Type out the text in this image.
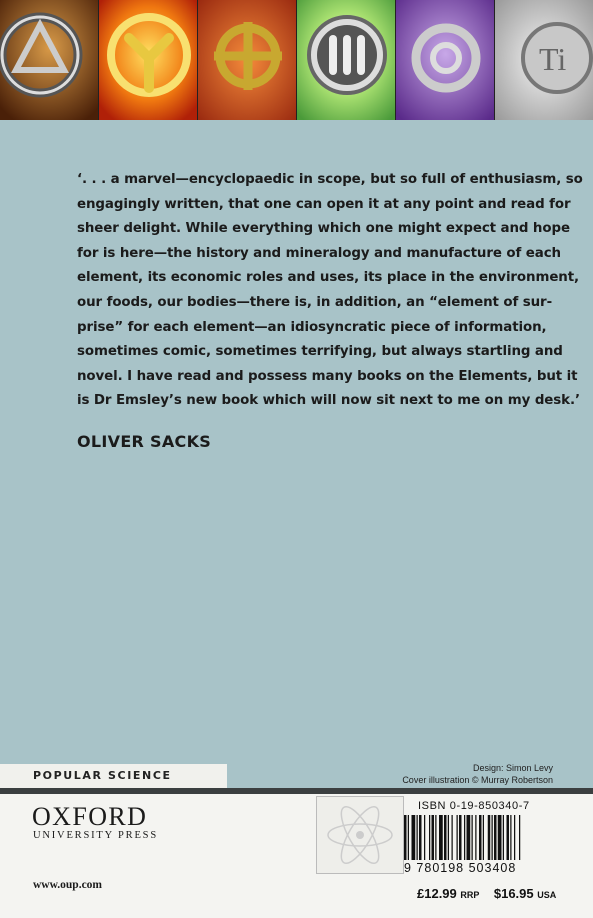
Ti
‘. . . a marvel—encyclopaedic in scope, but so full of enthusiasm, so
engagingly written, that one can open it at any point and read for
sheer delight. While everything which one might expect and hope
for is here—the history and mineralogy and manufacture of each
element, its economic roles and uses, its place in the environment,
our foods, our bodies—there is, in addition, an “element of sur-
prise” for each element—an idiosyncratic piece of information,
sometimes comic, sometimes terrifying, but always startling and
novel. I have read and possess many books on the Elements, but it
is Dr Emsley’s new book which will now sit next to me on my desk.’
OLIVER SACKS
Design: Simon Levy
Cover illustration © Murray Robertson
POPULAR SCIENCE
OXFORD
UNIVERSITY PRESS
www.oup.com
ISBN 0-19-850340-7
9 780198 503408
£12.99 RRP $16.95 USA
